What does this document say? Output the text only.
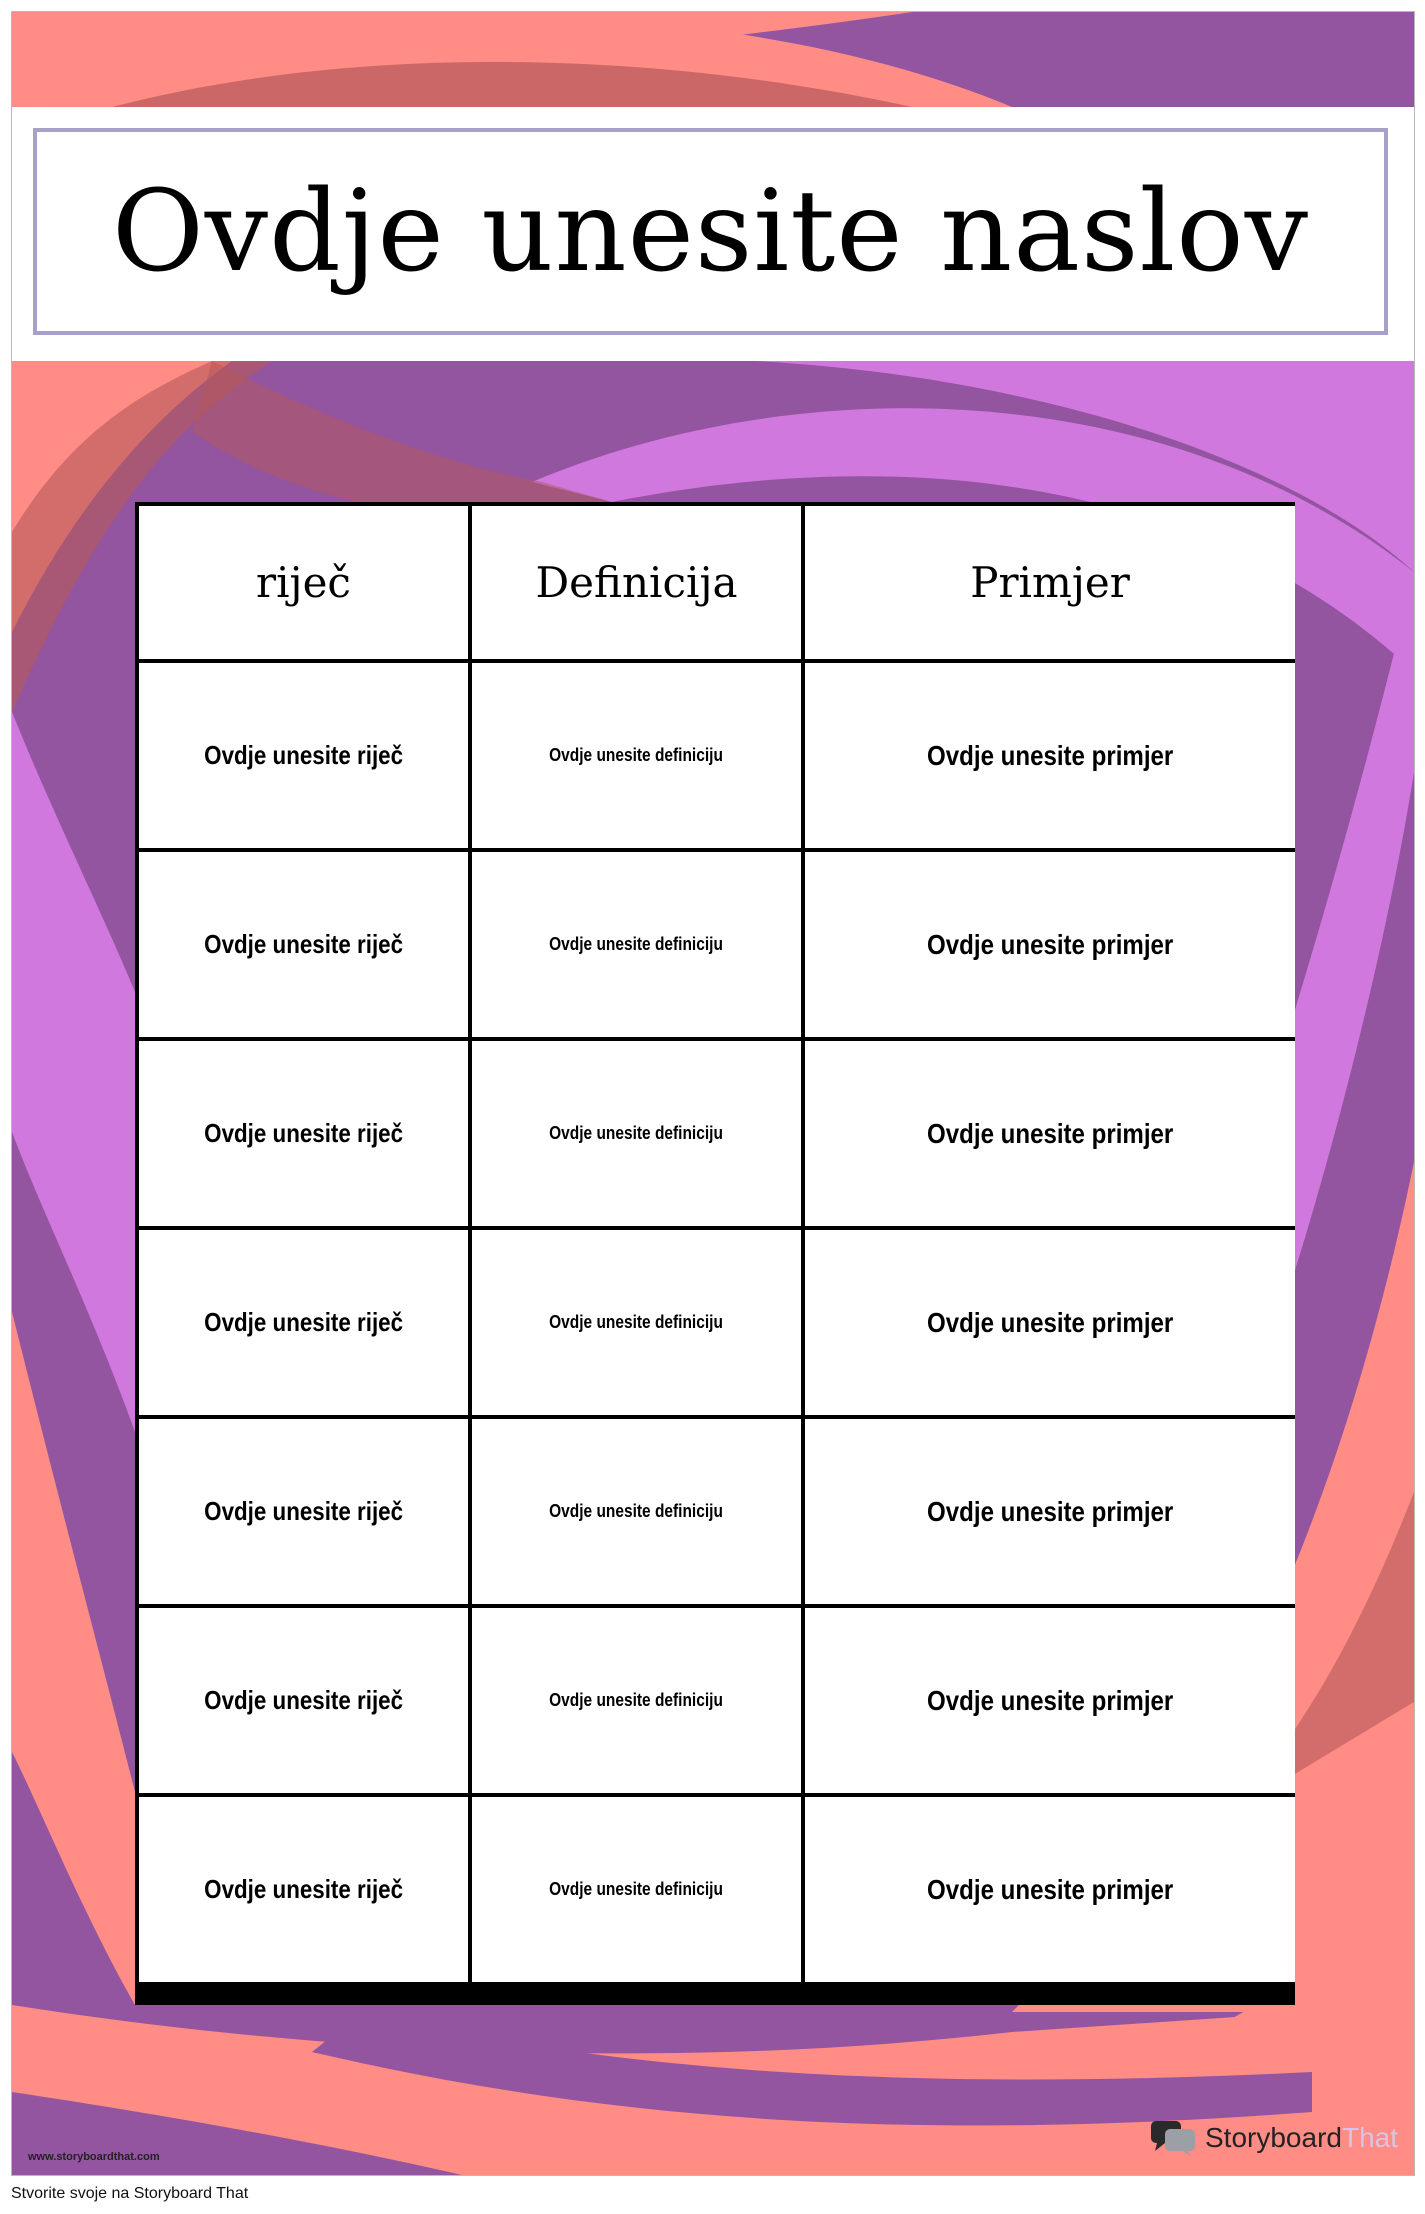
Ovdje unesite naslov
riječ	Definicija	Primjer
Ovdje unesite riječ	Ovdje unesite definiciju	Ovdje unesite primjer
Ovdje unesite riječ	Ovdje unesite definiciju	Ovdje unesite primjer
Ovdje unesite riječ	Ovdje unesite definiciju	Ovdje unesite primjer
Ovdje unesite riječ	Ovdje unesite definiciju	Ovdje unesite primjer
Ovdje unesite riječ	Ovdje unesite definiciju	Ovdje unesite primjer
Ovdje unesite riječ	Ovdje unesite definiciju	Ovdje unesite primjer
Ovdje unesite riječ	Ovdje unesite definiciju	Ovdje unesite primjer
www.storyboardthat.com
StoryboardThat
Stvorite svoje na Storyboard That
